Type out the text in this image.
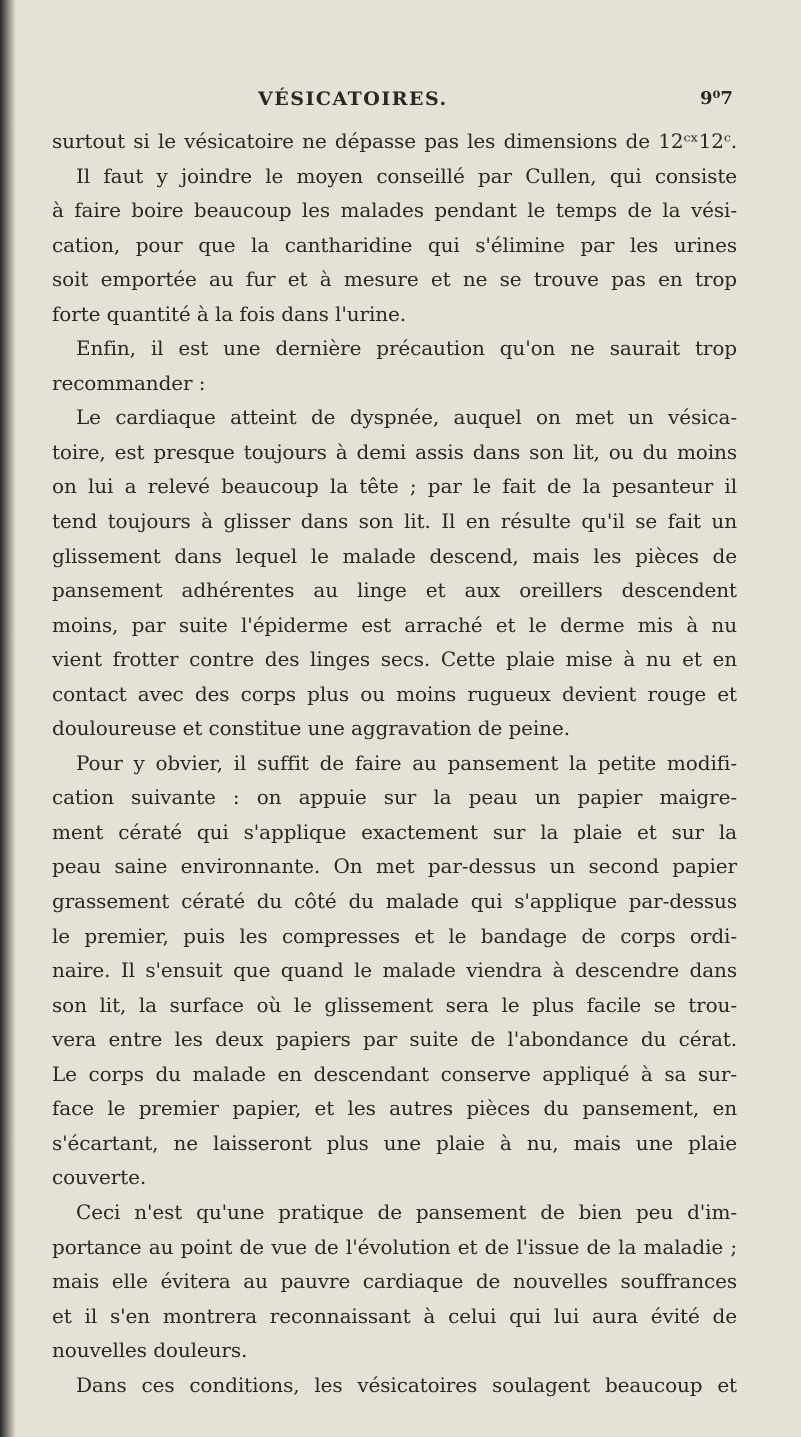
VÉSICATOIRES.	9⁰7
surtout si le vésicatoire ne dépasse pas les dimensions de 12ᶜˣ12ᶜ.
Il faut y joindre le moyen conseillé par Cullen, qui consiste
à faire boire beaucoup les malades pendant le temps de la vési-
cation, pour que la cantharidine qui s'élimine par les urines
soit emportée au fur et à mesure et ne se trouve pas en trop
forte quantité à la fois dans l'urine.
Enfin, il est une dernière précaution qu'on ne saurait trop
recommander :
Le cardiaque atteint de dyspnée, auquel on met un vésica-
toire, est presque toujours à demi assis dans son lit, ou du moins
on lui a relevé beaucoup la tête ; par le fait de la pesanteur il
tend toujours à glisser dans son lit. Il en résulte qu'il se fait un
glissement dans lequel le malade descend, mais les pièces de
pansement adhérentes au linge et aux oreillers descendent
moins, par suite l'épiderme est arraché et le derme mis à nu
vient frotter contre des linges secs. Cette plaie mise à nu et en
contact avec des corps plus ou moins rugueux devient rouge et
douloureuse et constitue une aggravation de peine.
Pour y obvier, il suffit de faire au pansement la petite modifi-
cation suivante : on appuie sur la peau un papier maigre-
ment cératé qui s'applique exactement sur la plaie et sur la
peau saine environnante. On met par-dessus un second papier
grassement cératé du côté du malade qui s'applique par-dessus
le premier, puis les compresses et le bandage de corps ordi-
naire. Il s'ensuit que quand le malade viendra à descendre dans
son lit, la surface où le glissement sera le plus facile se trou-
vera entre les deux papiers par suite de l'abondance du cérat.
Le corps du malade en descendant conserve appliqué à sa sur-
face le premier papier, et les autres pièces du pansement, en
s'écartant, ne laisseront plus une plaie à nu, mais une plaie
couverte.
Ceci n'est qu'une pratique de pansement de bien peu d'im-
portance au point de vue de l'évolution et de l'issue de la maladie ;
mais elle évitera au pauvre cardiaque de nouvelles souffrances
et il s'en montrera reconnaissant à celui qui lui aura évité de
nouvelles douleurs.
Dans ces conditions, les vésicatoires soulagent beaucoup et
